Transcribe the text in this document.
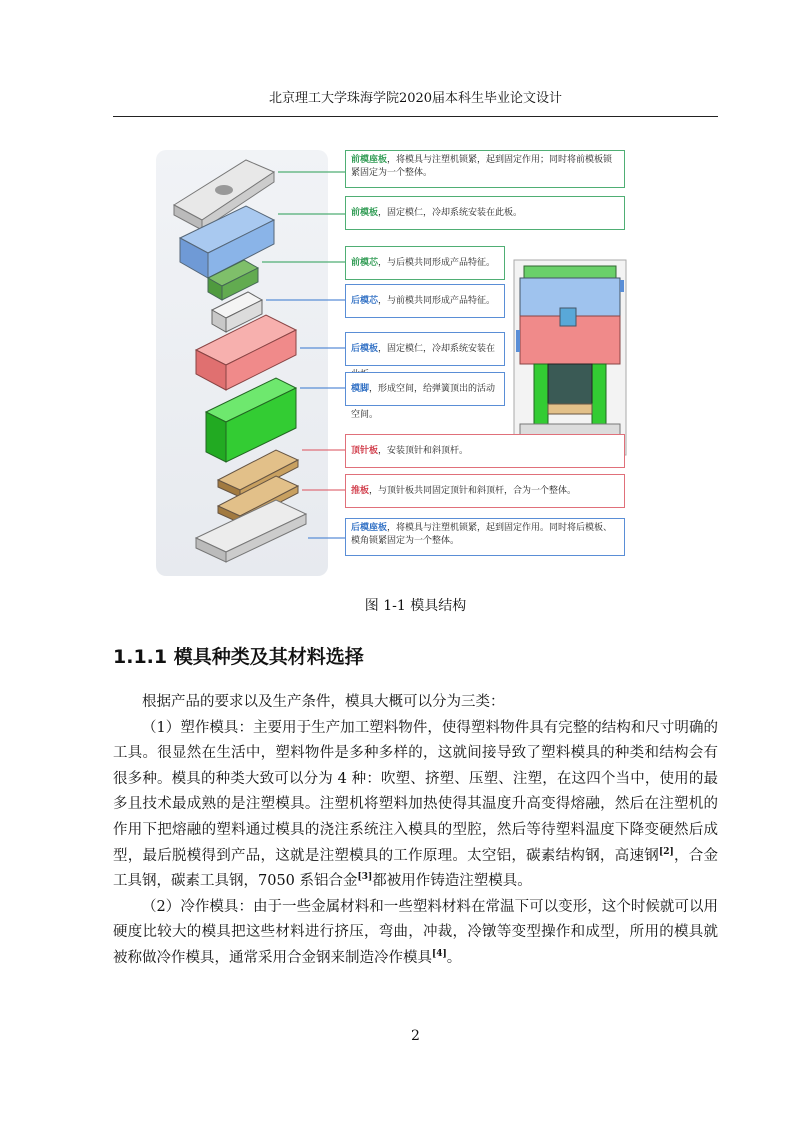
北京理工大学珠海学院2020届本科生毕业论文设计
前模座板，将模具与注塑机锁紧，起到固定作用；同时将前模板锁紧固定为一个整体。
前模板，固定模仁，冷却系统安装在此板。
前模芯，与后模共同形成产品特征。
后模芯，与前模共同形成产品特征。
后模板，固定模仁，冷却系统安装在
模脚，形成空间，给弹簧顶出的活动空间。
顶针板，安装顶针和斜顶杆。
推板，与顶针板共同固定顶针和斜顶杆，合为一个整体。
后模座板，将模具与注塑机锁紧，起到固定作用。同时将后模板、模角锁紧固定为一个整体。
图 1-1 模具结构
1.1.1 模具种类及其材料选择

根据产品的要求以及生产条件，模具大概可以分为三类：

（1）塑作模具：主要用于生产加工塑料物件，使得塑料物件具有完整的结构和尺寸明确的工具。很显然在生活中，塑料物件是多种多样的，这就间接导致了塑料模具的种类和结构会有很多种。模具的种类大致可以分为 4 种：吹塑、挤塑、压塑、注塑，在这四个当中，使用的最多且技术最成熟的是注塑模具。注塑机将塑料加热使得其温度升高变得熔融，然后在注塑机的作用下把熔融的塑料通过模具的浇注系统注入模具的型腔，然后等待塑料温度下降变硬然后成型，最后脱模得到产品，这就是注塑模具的工作原理。太空铝，碳素结构钢，高速钢[2]，合金工具钢，碳素工具钢，7050 系铝合金[3]都被用作铸造注塑模具。

（2）冷作模具：由于一些金属材料和一些塑料材料在常温下可以变形，这个时候就可以用硬度比较大的模具把这些材料进行挤压，弯曲，冲裁，冷镦等变型操作和成型，所用的模具就被称做冷作模具，通常采用合金钢来制造冷作模具[4]。

2
